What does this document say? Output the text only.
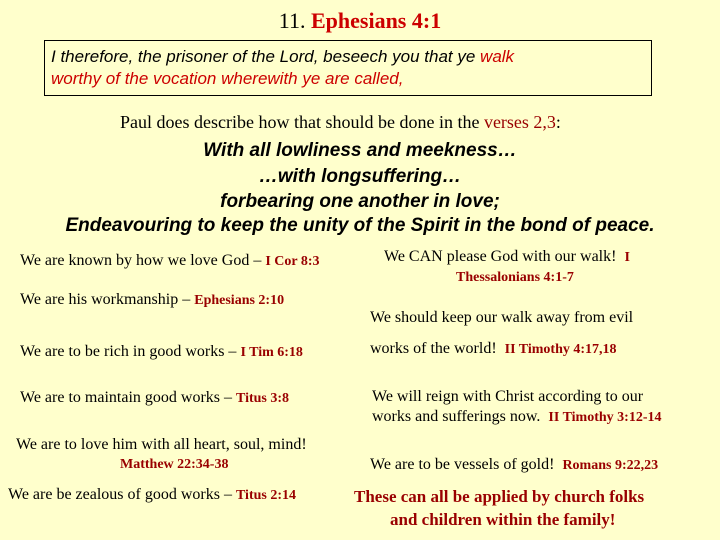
11. Ephesians 4:1
I therefore, the prisoner of the Lord, beseech you that ye walk
worthy of the vocation wherewith ye are called,
Paul does describe how that should be done in the verses 2,3:
With all lowliness and meekness…
…with longsuffering…
forbearing one another in love;
Endeavouring to keep the unity of the Spirit in the bond of peace.
We are known by how we love God – I Cor 8:3
We are his workmanship – Ephesians 2:10
We are to be rich in good works – I Tim 6:18
We are to maintain good works – Titus 3:8
We are to love him with all heart, soul, mind!
Matthew 22:34-38
We are be zealous of good works – Titus 2:14
We CAN please God with our walk! I
Thessalonians 4:1-7
We should keep our walk away from evil
works of the world! II Timothy 4:17,18
We will reign with Christ according to our
works and sufferings now. II Timothy 3:12-14
We are to be vessels of gold! Romans 9:22,23
These can all be applied by church folks
and children within the family!
